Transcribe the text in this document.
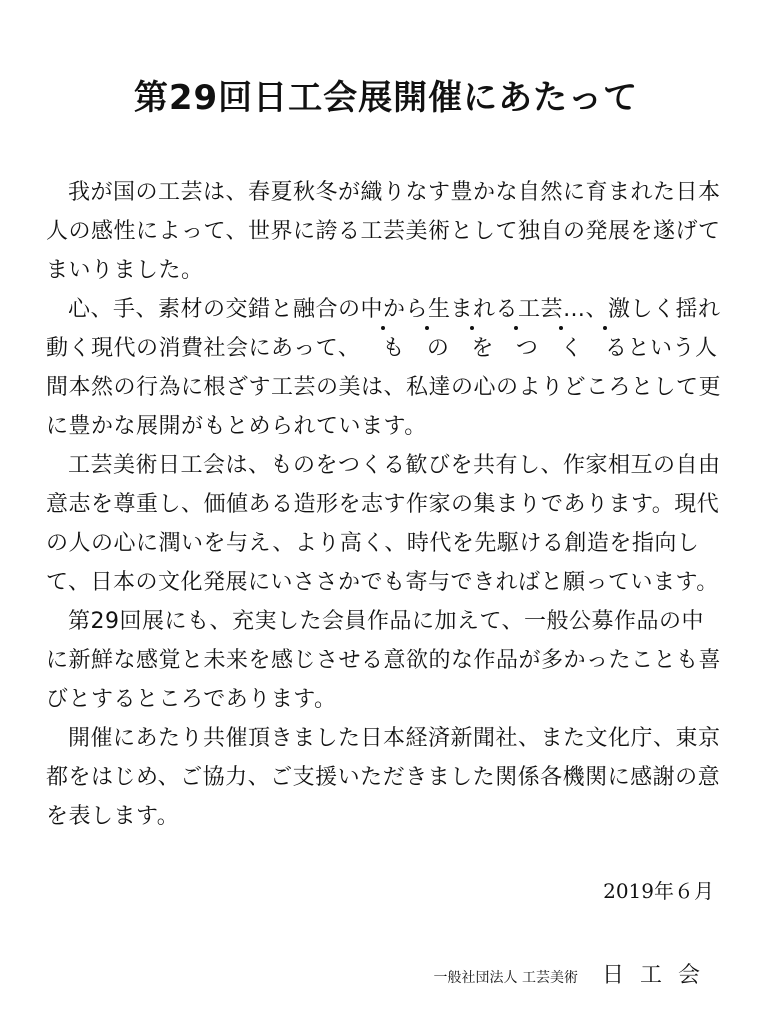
第29回日工会展開催にあたって

我が国の工芸は、春夏秋冬が織りなす豊かな自然に育まれた日本人の感性によって、世界に誇る工芸美術として独自の発展を遂げてまいりました。

心、手、素材の交錯と融合の中から生まれる工芸…、激しく揺れ動く現代の消費社会にあって、 も の を つ く るという人間本然の行為に根ざす工芸の美は、私達の心のよりどころとして更に豊かな展開がもとめられています。

工芸美術日工会は、ものをつくる歓びを共有し、作家相互の自由意志を尊重し、価値ある造形を志す作家の集まりであります。現代の人の心に潤いを与え、より高く、時代を先駆ける創造を指向して、日本の文化発展にいささかでも寄与できればと願っています。

第29回展にも、充実した会員作品に加えて、一般公募作品の中に新鮮な感覚と未来を感じさせる意欲的な作品が多かったことも喜びとするところであります。

開催にあたり共催頂きました日本経済新聞社、また文化庁、東京都をはじめ、ご協力、ご支援いただきました関係各機関に感謝の意を表します。

2019年６月
一般社団法人 工芸美術 日工会
